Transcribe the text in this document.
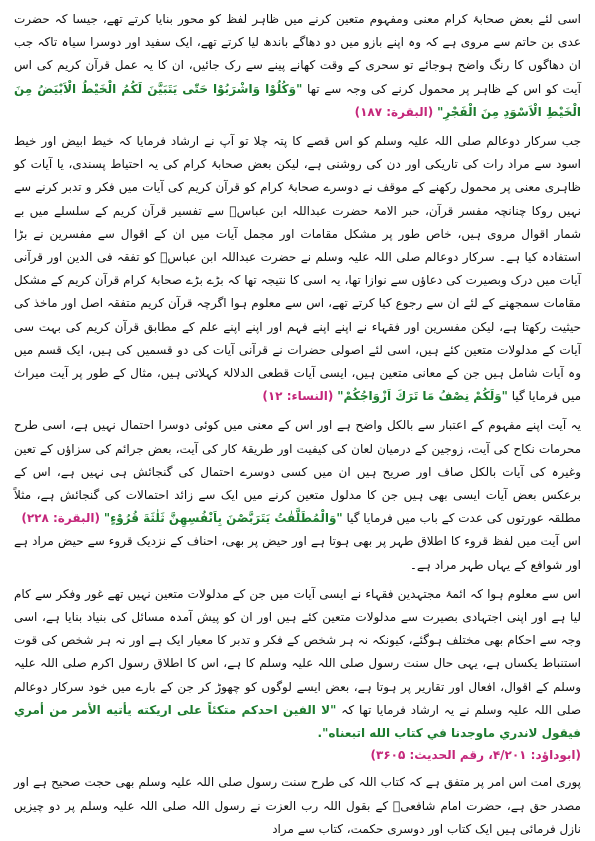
اسی لئے بعض صحابۂ کرام معنی ومفہوم متعین کرنے میں ظاہر لفظ کو محور بنایا کرتے تھے، جیسا کہ حضرت عدی بن حاتم سے مروی ہے کہ وہ اپنے بازو میں دو دھاگے باندھ لیا کرتے تھے، ایک سفید اور دوسرا سیاہ تاکہ جب ان دھاگوں کا رنگ واضح ہوجائے تو سحری کے وقت کھانے پینے سے رک جائیں، ان کا یہ عمل قرآن کریم کی اس آیت کو اس کے ظاہر پر محمول کرنے کی وجہ سے تھا "وَكُلُوْا وَاشْرَبُوْا حَتّٰى يَتَبَيَّنَ لَكُمُ الْخَيْطُ الْاَبْيَضُ مِنَ الْخَيْطِ الْاَسْوَدِ مِنَ الْفَجْرِ" (البقرة: ۱۸۷)

جب سرکار دوعالم صلی اللہ علیہ وسلم کو اس قصے کا پتہ چلا تو آپ نے ارشاد فرمایا کہ خیط ابیض اور خیط اسود سے مراد رات کی تاریکی اور دن کی روشنی ہے، لیکن بعض صحابۂ کرام کی یہ احتیاط پسندی، یا آیات کو ظاہری معنی پر محمول رکھنے کے موقف نے دوسرے صحابۂ کرام کو قرآن کریم کی آیات میں فکر و تدبر کرنے سے نہیں روکا چنانچہ مفسر قرآن، حبر الامۃ حضرت عبداللہ ابن عباسؓ سے تفسیر قرآن کریم کے سلسلے میں بے شمار اقوال مروی ہیں، خاص طور پر مشکل مقامات اور مجمل آیات میں ان کے اقوال سے مفسرین نے بڑا استفادہ کیا ہے۔ سرکار دوعالم صلی اللہ علیہ وسلم نے حضرت عبداللہ ابن عباسؓ کو تفقہ فی الدین اور قرآنی آیات میں درک وبصیرت کی دعاؤں سے نوازا تھا، یہ اسی کا نتیجہ تھا کہ بڑے بڑے صحابۂ کرام قرآن کریم کے مشکل مقامات سمجھنے کے لئے ان سے رجوع کیا کرتے تھے، اس سے معلوم ہوا اگرچہ قرآن کریم متفقہ اصل اور ماخذ کی حیثیت رکھتا ہے، لیکن مفسرین اور فقہاء نے اپنے اپنے فہم اور اپنے اپنے علم کے مطابق قرآن کریم کی بہت سی آیات کے مدلولات متعین کئے ہیں، اسی لئے اصولی حضرات نے قرآنی آیات کی دو قسمیں کی ہیں، ایک قسم میں وہ آیات شامل ہیں جن کے معانی متعین ہیں، ایسی آیات قطعی الدلالۃ کہلاتی ہیں، مثال کے طور پر آیت میراث میں فرمایا گیا "وَلَكُمْ نِصْفُ مَا تَرَكَ اَزْوَاجُكُمْ" (النساء: ۱۲)

یہ آیت اپنے مفہوم کے اعتبار سے بالکل واضح ہے اور اس کے معنی میں کوئی دوسرا احتمال نہیں ہے، اسی طرح محرمات نکاح کی آیت، زوجین کے درمیان لعان کی کیفیت اور طریقۂ کار کی آیت، بعض جرائم کی سزاؤں کے تعین وغیرہ کی آیات بالکل صاف اور صریح ہیں ان میں کسی دوسرے احتمال کی گنجائش ہی نہیں ہے، اس کے برعکس بعض آیات ایسی بھی ہیں جن کا مدلول متعین کرنے میں ایک سے زائد احتمالات کی گنجائش ہے، مثلاً مطلقہ عورتوں کی عدت کے باب میں فرمایا گیا "وَالْمُطَلَّقٰتُ يَتَرَبَّصْنَ بِاَنْفُسِهِنَّ ثَلٰثَةَ قُرُوْءٍ" (البقرة: ۲۲۸)

اس آیت میں لفظ قروء کا اطلاق طہر پر بھی ہوتا ہے اور حیض پر بھی، احناف کے نزدیک قروء سے حیض مراد ہے اور شوافع کے یہاں طہر مراد ہے۔

اس سے معلوم ہوا کہ ائمۂ مجتہدین فقہاء نے ایسی آیات میں جن کے مدلولات متعین نہیں تھے غور وفکر سے کام لیا ہے اور اپنی اجتہادی بصیرت سے مدلولات متعین کئے ہیں اور ان کو پیش آمدہ مسائل کی بنیاد بنایا ہے، اسی وجہ سے احکام بھی مختلف ہوگئے، کیونکہ نہ ہر شخص کے فکر و تدبر کا معیار ایک ہے اور نہ ہر شخص کی قوت استنباط یکساں ہے، یہی حال سنت رسول صلی اللہ علیہ وسلم کا ہے، اس کا اطلاق رسول اکرم صلی اللہ علیہ وسلم کے اقوال، افعال اور تقاریر پر ہوتا ہے، بعض ایسے لوگوں کو چھوڑ کر جن کے بارے میں خود سرکار دوعالم صلی اللہ علیہ وسلم نے یہ ارشاد فرمایا تھا کہ "لا الفين احدكم متكئاً على اريكته يأتيه الأمر من أمري فيقول لاندري ماوجدنا في كتاب الله اتبعناه".

(ابوداؤد: ۴/۲۰۱، رقم الحدیث: ۳۶۰۵)

پوری امت اس امر پر متفق ہے کہ کتاب اللہ کی طرح سنت رسول صلی اللہ علیہ وسلم بھی حجت صحیح ہے اور مصدر حق ہے، حضرت امام شافعیؒ کے بقول اللہ رب العزت نے رسول اللہ صلی اللہ علیہ وسلم پر دو چیزیں نازل فرمائی ہیں ایک کتاب اور دوسری حکمت، کتاب سے مراد
